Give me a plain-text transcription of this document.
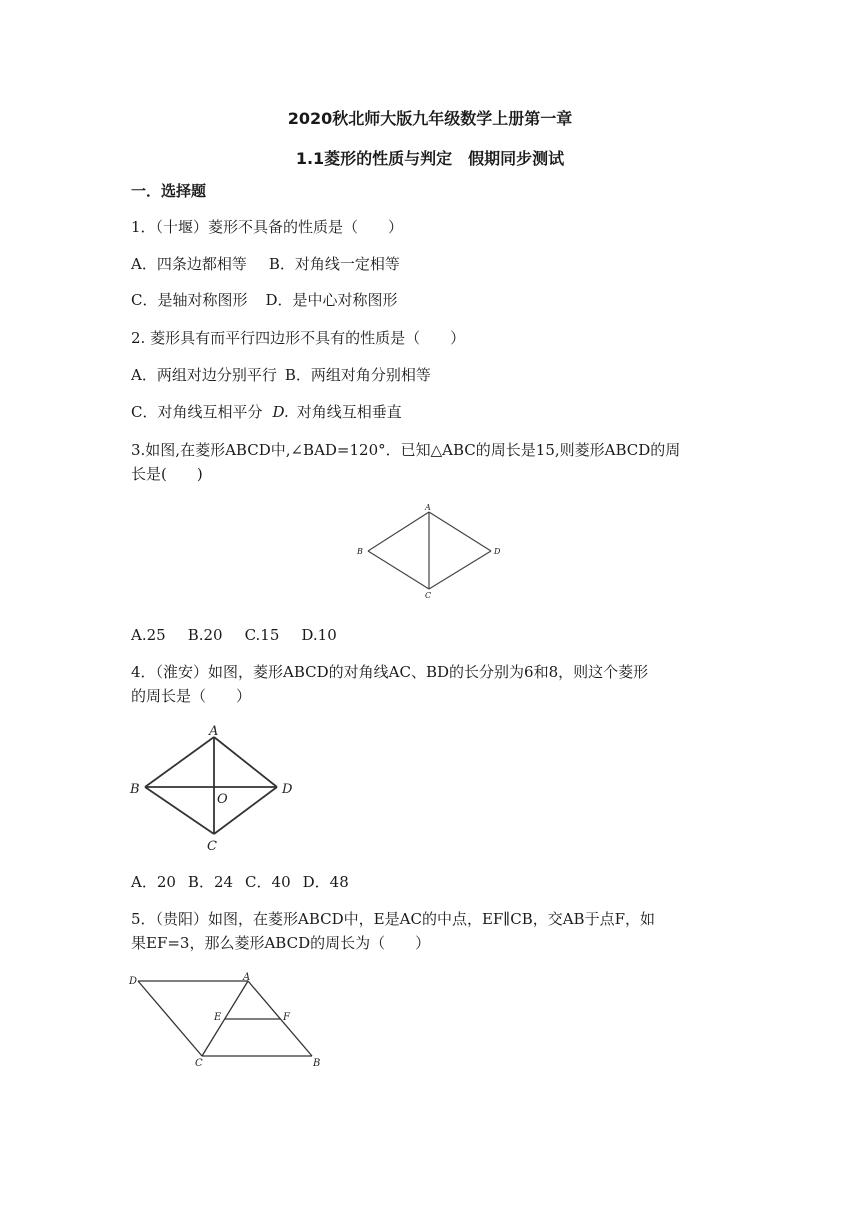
2020秋北师大版九年级数学上册第一章
1.1菱形的性质与判定　假期同步测试
一．选择题
1．（十堰）菱形不具备的性质是（　　）
A．四条边都相等 B．对角线一定相等
C．是轴对称图形 D．是中心对称图形
2. 菱形具有而平行四边形不具有的性质是（　　）
A．两组对边分别平行 B．两组对角分别相等
C．对角线互相平分 D. 对角线互相垂直
3.如图,在菱形ABCD中,∠BAD=120°．已知△ABC的周长是15,则菱形ABCD的周
长是(　　)
A
B	D
C
A.25 B.20 C.15 D.10
4．（淮安）如图，菱形ABCD的对角线AC、BD的长分别为6和8，则这个菱形
的周长是（　　）
A
B	D
O
C
A．20 B．24 C．40 D．48
5．（贵阳）如图，在菱形ABCD中，E是AC的中点，EF∥CB，交AB于点F，如
果EF=3，那么菱形ABCD的周长为（　　）
D	A
E	F
C	B
